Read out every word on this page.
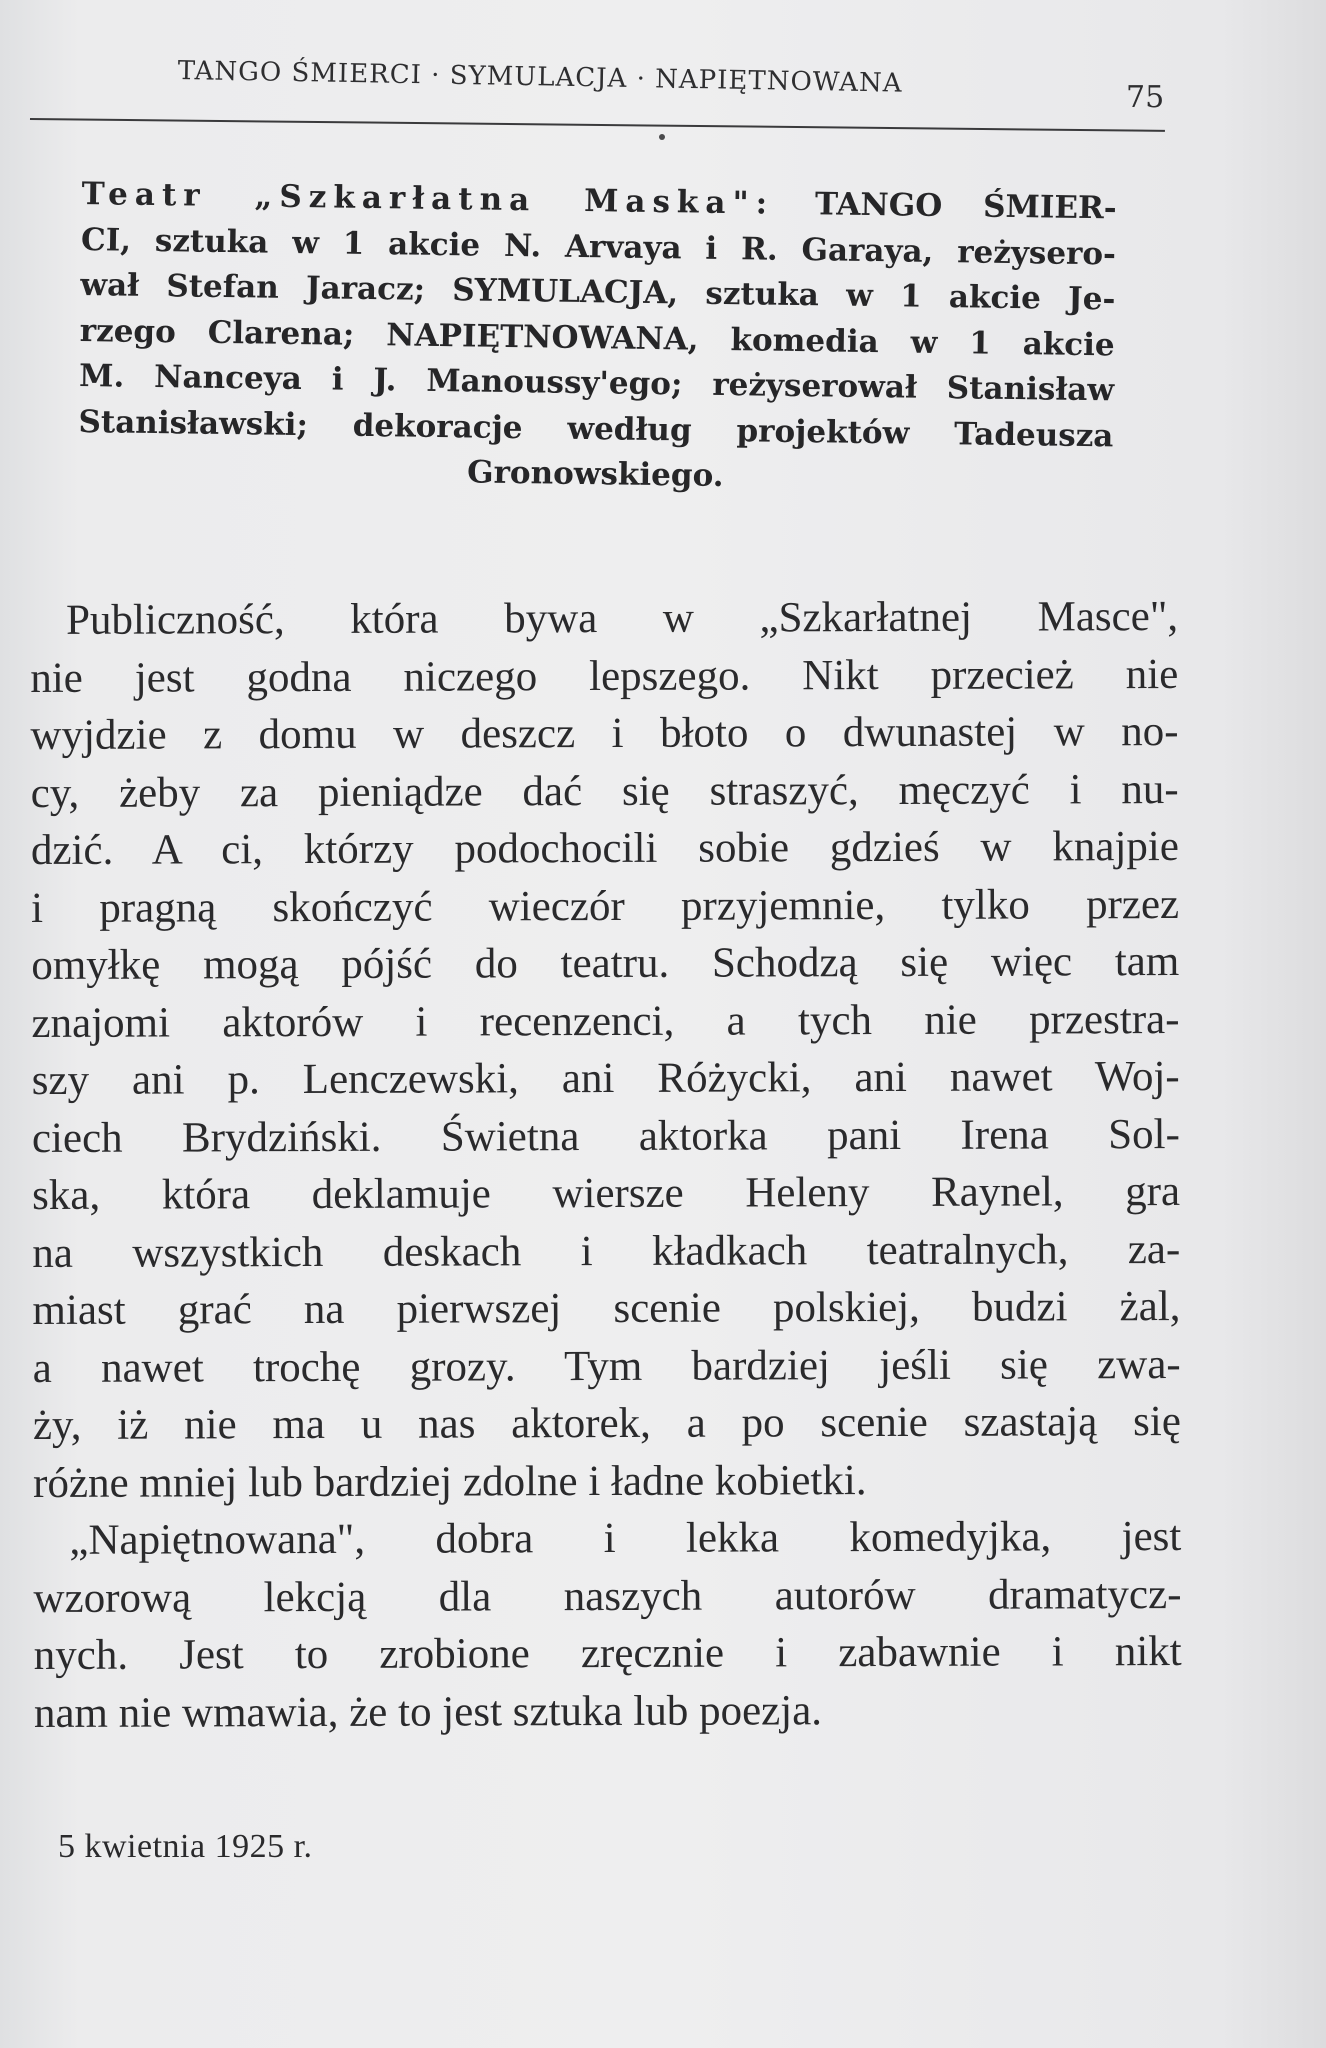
TANGO ŚMIERCI · SYMULACJA · NAPIĘTNOWANA	75
Teatr „Szkarłatna Maska": TANGO ŚMIER-
CI, sztuka w 1 akcie N. Arvaya i R. Garaya, reżysero-
wał Stefan Jaracz; SYMULACJA, sztuka w 1 akcie Je-
rzego Clarena; NAPIĘTNOWANA, komedia w 1 akcie
M. Nanceya i J. Manoussy'ego; reżyserował Stanisław
Stanisławski; dekoracje według projektów Tadeusza
Gronowskiego.
Publiczność, która bywa w „Szkarłatnej Masce",
nie jest godna niczego lepszego. Nikt przecież nie
wyjdzie z domu w deszcz i błoto o dwunastej w no-
cy, żeby za pieniądze dać się straszyć, męczyć i nu-
dzić. A ci, którzy podochocili sobie gdzieś w knajpie
i pragną skończyć wieczór przyjemnie, tylko przez
omyłkę mogą pójść do teatru. Schodzą się więc tam
znajomi aktorów i recenzenci, a tych nie przestra-
szy ani p. Lenczewski, ani Różycki, ani nawet Woj-
ciech Brydziński. Świetna aktorka pani Irena Sol-
ska, która deklamuje wiersze Heleny Raynel, gra
na wszystkich deskach i kładkach teatralnych, za-
miast grać na pierwszej scenie polskiej, budzi żal,
a nawet trochę grozy. Tym bardziej jeśli się zwa-
ży, iż nie ma u nas aktorek, a po scenie szastają się
różne mniej lub bardziej zdolne i ładne kobietki.
„Napiętnowana", dobra i lekka komedyjka, jest
wzorową lekcją dla naszych autorów dramatycz-
nych. Jest to zrobione zręcznie i zabawnie i nikt
nam nie wmawia, że to jest sztuka lub poezja.
5 kwietnia 1925 r.
